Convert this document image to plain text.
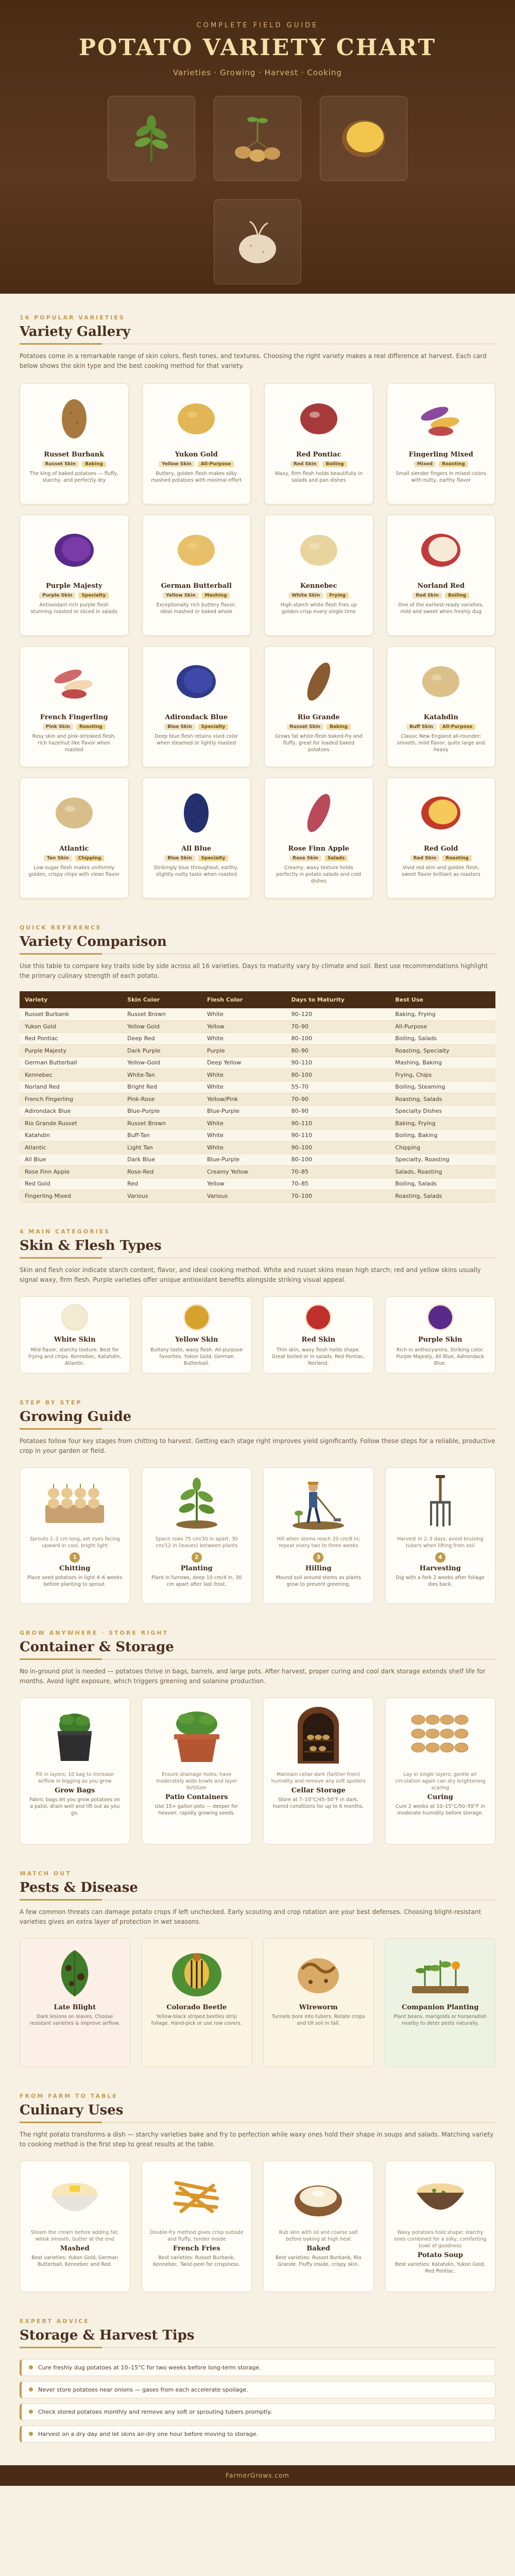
COMPLETE FIELD GUIDE
POTATO VARIETY CHART
Varieties · Growing · Harvest · Cooking
16 POPULAR VARIETIES
Variety Gallery

Potatoes come in a remarkable range of skin colors, flesh tones, and textures. Choosing the right variety makes a real difference at harvest. Each card below shows the skin type and the best cooking method for that variety.

Russet Burbank
Russet Skin	Baking

The king of baked potatoes — fluffy, starchy, and perfectly dry

Yukon Gold
Yellow Skin	All-Purpose

Buttery, golden flesh makes silky mashed potatoes with minimal effort

Red Pontiac
Red Skin	Boiling

Waxy, firm flesh holds beautifully in salads and pan dishes

Fingerling Mixed
Mixed	Roasting

Small slender fingers in mixed colors with nutty, earthy flavor

Purple Majesty
Purple Skin	Specialty

Antioxidant-rich purple flesh stunning roasted or sliced in salads

German Butterball
Yellow Skin	Mashing

Exceptionally rich buttery flavor, ideal mashed or baked whole

Kennebec
White Skin	Frying

High-starch white flesh fries up golden-crisp every single time

Norland Red
Red Skin	Boiling

One of the earliest-ready varieties, mild and sweet when freshly dug

French Fingerling
Pink Skin	Roasting

Rosy skin and pink-streaked flesh, rich hazelnut-like flavor when roasted

Adirondack Blue
Blue Skin	Specialty

Deep blue flesh retains vivid color when steamed or lightly roasted

Rio Grande
Russet Skin	Baking

Grows fat white-flesh baked-fry and fluffy, great for loaded baked potatoes

Katahdin
Buff Skin	All-Purpose

Classic New England all-rounder: smooth, mild flavor, quite large and heavy

Atlantic
Tan Skin	Chipping

Low-sugar flesh makes uniformly golden, crispy chips with clean flavor

All Blue
Blue Skin	Specialty

Strikingly blue throughout; earthy, slightly nutty taste when roasted

Rose Finn Apple
Rose Skin	Salads

Creamy, waxy texture holds perfectly in potato salads and cold dishes

Red Gold
Red Skin	Roasting

Vivid red skin and golden flesh, sweet flavor brilliant as roasters

QUICK REFERENCE
Variety Comparison

Use this table to compare key traits side by side across all 16 varieties. Days to maturity vary by climate and soil. Best use recommendations highlight the primary culinary strength of each potato.

Variety	Skin Color	Flesh Color	Days to Maturity	Best Use
Russet Burbank	Russet Brown	White	90–120	Baking, Frying
Yukon Gold	Yellow Gold	Yellow	70–90	All-Purpose
Red Pontiac	Deep Red	White	80–100	Boiling, Salads
Purple Majesty	Dark Purple	Purple	80–90	Roasting, Specialty
German Butterball	Yellow-Gold	Deep Yellow	90–110	Mashing, Baking
Kennebec	White-Tan	White	80–100	Frying, Chips
Norland Red	Bright Red	White	55–70	Boiling, Steaming
French Fingerling	Pink-Rose	Yellow/Pink	70–90	Roasting, Salads
Adirondack Blue	Blue-Purple	Blue-Purple	80–90	Specialty Dishes
Rio Grande Russet	Russet Brown	White	90–110	Baking, Frying
Katahdin	Buff-Tan	White	90–110	Boiling, Baking
Atlantic	Light Tan	White	90–100	Chipping
All Blue	Dark Blue	Blue-Purple	80–100	Specialty, Roasting
Rose Finn Apple	Rose-Red	Creamy Yellow	70–85	Salads, Roasting
Red Gold	Red	Yellow	70–85	Boiling, Salads
Fingerling Mixed	Various	Various	70–100	Roasting, Salads
4 MAIN CATEGORIES
Skin & Flesh Types

Skin and flesh color indicate starch content, flavor, and ideal cooking method. White and russet skins mean high starch; red and yellow skins usually signal waxy, firm flesh. Purple varieties offer unique antioxidant benefits alongside striking visual appeal.

White Skin

Mild flavor, starchy texture. Best for frying and chips. Kennebec, Katahdin, Atlantic.

Yellow Skin

Buttery taste, waxy flesh. All-purpose favorites. Yukon Gold, German Butterball.

Red Skin

Thin skin, waxy flesh holds shape. Great boiled or in salads. Red Pontiac, Norland.

Purple Skin

Rich in anthocyanins. Striking color. Purple Majesty, All Blue, Adirondack Blue.

STEP BY STEP
Growing Guide

Potatoes follow four key stages from chitting to harvest. Getting each stage right improves yield significantly. Follow these steps for a reliable, productive crop in your garden or field.

Sprouts 1–2 cm long, set eyes facing upward in cool, bright light

1
Chitting

Place seed potatoes in light 4–6 weeks before planting to sprout.

Space rows 75 cm/30 in apart, 30 cm/12 in (leaves) between plants

2
Planting

Plant in furrows, deep 10 cm/4 in, 30 cm apart after last frost.

Hill when stems reach 20 cm/8 in; repeat every two to three weeks

3
Hilling

Mound soil around stems as plants grow to prevent greening.

Harvest in 2–3 days, avoid bruising tubers when lifting from soil

4
Harvesting

Dig with a fork 2 weeks after foliage dies back.

GROW ANYWHERE · STORE RIGHT
Container & Storage

No in-ground plot is needed — potatoes thrive in bags, barrels, and large pots. After harvest, proper curing and cool dark storage extends shelf life for months. Avoid light exposure, which triggers greening and solanine production.

Fill in layers; 10 bag to increase airflow in bigging as you grow

Grow Bags

Fabric bags let you grow potatoes on a patio, drain well and lift out as you go.

Ensure drainage holes; have moderately wide bowls and layer fertilizer

Patio Containers

Use 15+ gallon pots — deeper for heavier, rapidly growing seeds.

Maintain cellar-dark (farther from) humidity and remove any soft spoilers

Cellar Storage

Store at 7–10°C/45–50°F in dark, humid conditions for up to 6 months.

Lay in single layers; gentle air circulation again can dry brightening scaring

Curing

Cure 2 weeks at 10–15°C/50–59°F in moderate humidity before storage.

WATCH OUT
Pests & Disease

A few common threats can damage potato crops if left unchecked. Early scouting and crop rotation are your best defenses. Choosing blight-resistant varieties gives an extra layer of protection in wet seasons.

Late Blight

Dark lesions on leaves. Choose resistant varieties & improve airflow.

Colorado Beetle

Yellow-black striped beetles strip foliage. Hand-pick or use row covers.

Wireworm

Tunnels bore into tubers. Rotate crops and till soil in fall.

Companion Planting

Plant beans, marigolds or horseradish nearby to deter pests naturally.

FROM FARM TO TABLE
Culinary Uses

The right potato transforms a dish — starchy varieties bake and fry to perfection while waxy ones hold their shape in soups and salads. Matching variety to cooking method is the first step to great results at the table.

Steam the cream before adding fat; whisk smooth, butter at the end

Mashed

Best varieties: Yukon Gold, German Butterball, Kennebec and Red.

Double-fry method gives crisp outside and fluffy, tender inside

French Fries

Best varieties: Russet Burbank, Kennebec. Twist-peel for crispiness.

Rub skin with oil and coarse salt before baking at high heat

Baked

Best varieties: Russet Burbank, Rio Grande. Fluffy inside, crispy skin.

Waxy potatoes hold shape; starchy ones combined for a silky, comforting bowl of goodness

Potato Soup

Best varieties: Katahdin, Yukon Gold, Red Pontiac.

EXPERT ADVICE
Storage & Harvest Tips
Cure freshly dug potatoes at 10–15°C for two weeks before long-term storage.
Never store potatoes near onions — gases from each accelerate spoilage.
Check stored potatoes monthly and remove any soft or sprouting tubers promptly.
Harvest on a dry day and let skins air-dry one hour before moving to storage.
FarmerGrows.com
